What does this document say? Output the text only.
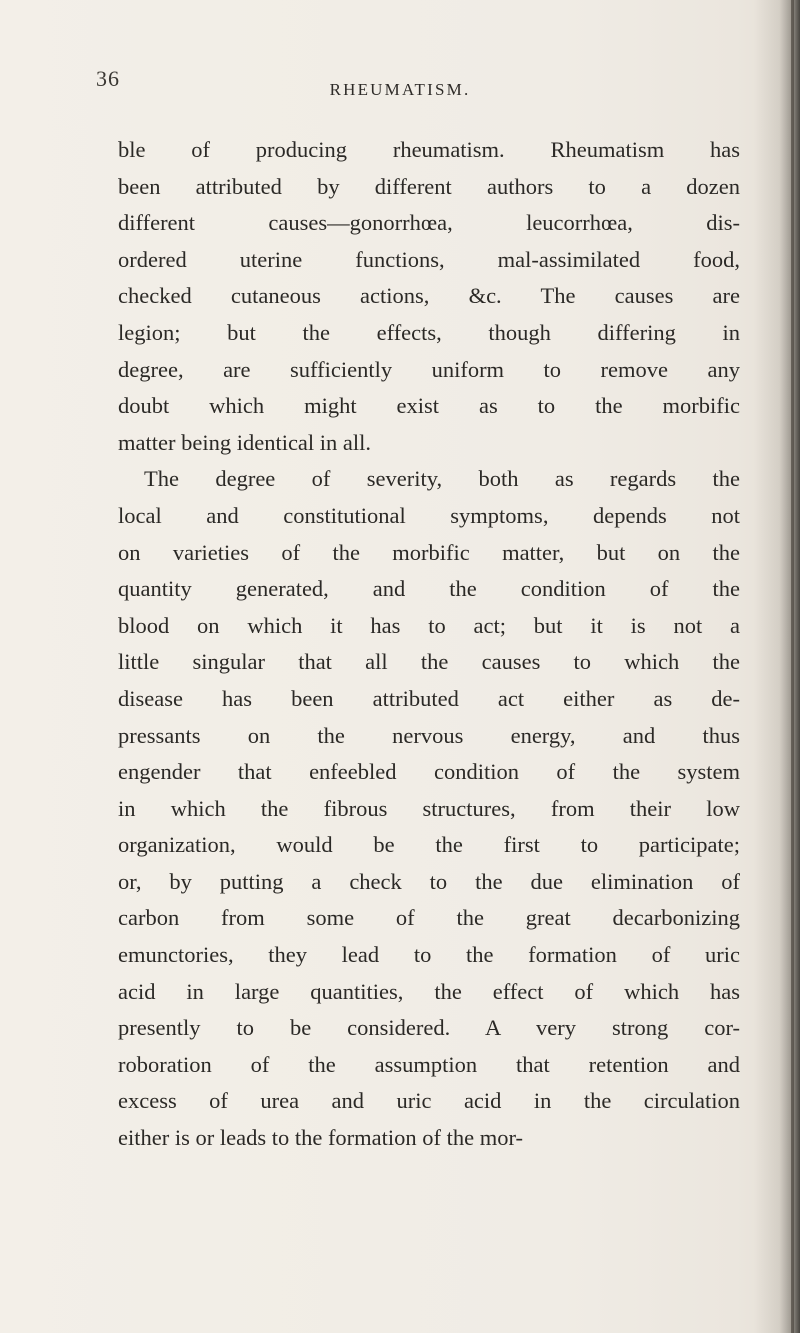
36	RHEUMATISM.
ble of producing rheumatism. Rheumatism has
been attributed by different authors to a dozen
different causes—gonorrhœa, leucorrhœa, dis-
ordered uterine functions, mal-assimilated food,
checked cutaneous actions, &c. The causes are
legion; but the effects, though differing in
degree, are sufficiently uniform to remove any
doubt which might exist as to the morbific
matter being identical in all.
The degree of severity, both as regards the
local and constitutional symptoms, depends not
on varieties of the morbific matter, but on the
quantity generated, and the condition of the
blood on which it has to act; but it is not a
little singular that all the causes to which the
disease has been attributed act either as de-
pressants on the nervous energy, and thus
engender that enfeebled condition of the system
in which the fibrous structures, from their low
organization, would be the first to participate;
or, by putting a check to the due elimination of
carbon from some of the great decarbonizing
emunctories, they lead to the formation of uric
acid in large quantities, the effect of which has
presently to be considered. A very strong cor-
roboration of the assumption that retention and
excess of urea and uric acid in the circulation
either is or leads to the formation of the mor-
